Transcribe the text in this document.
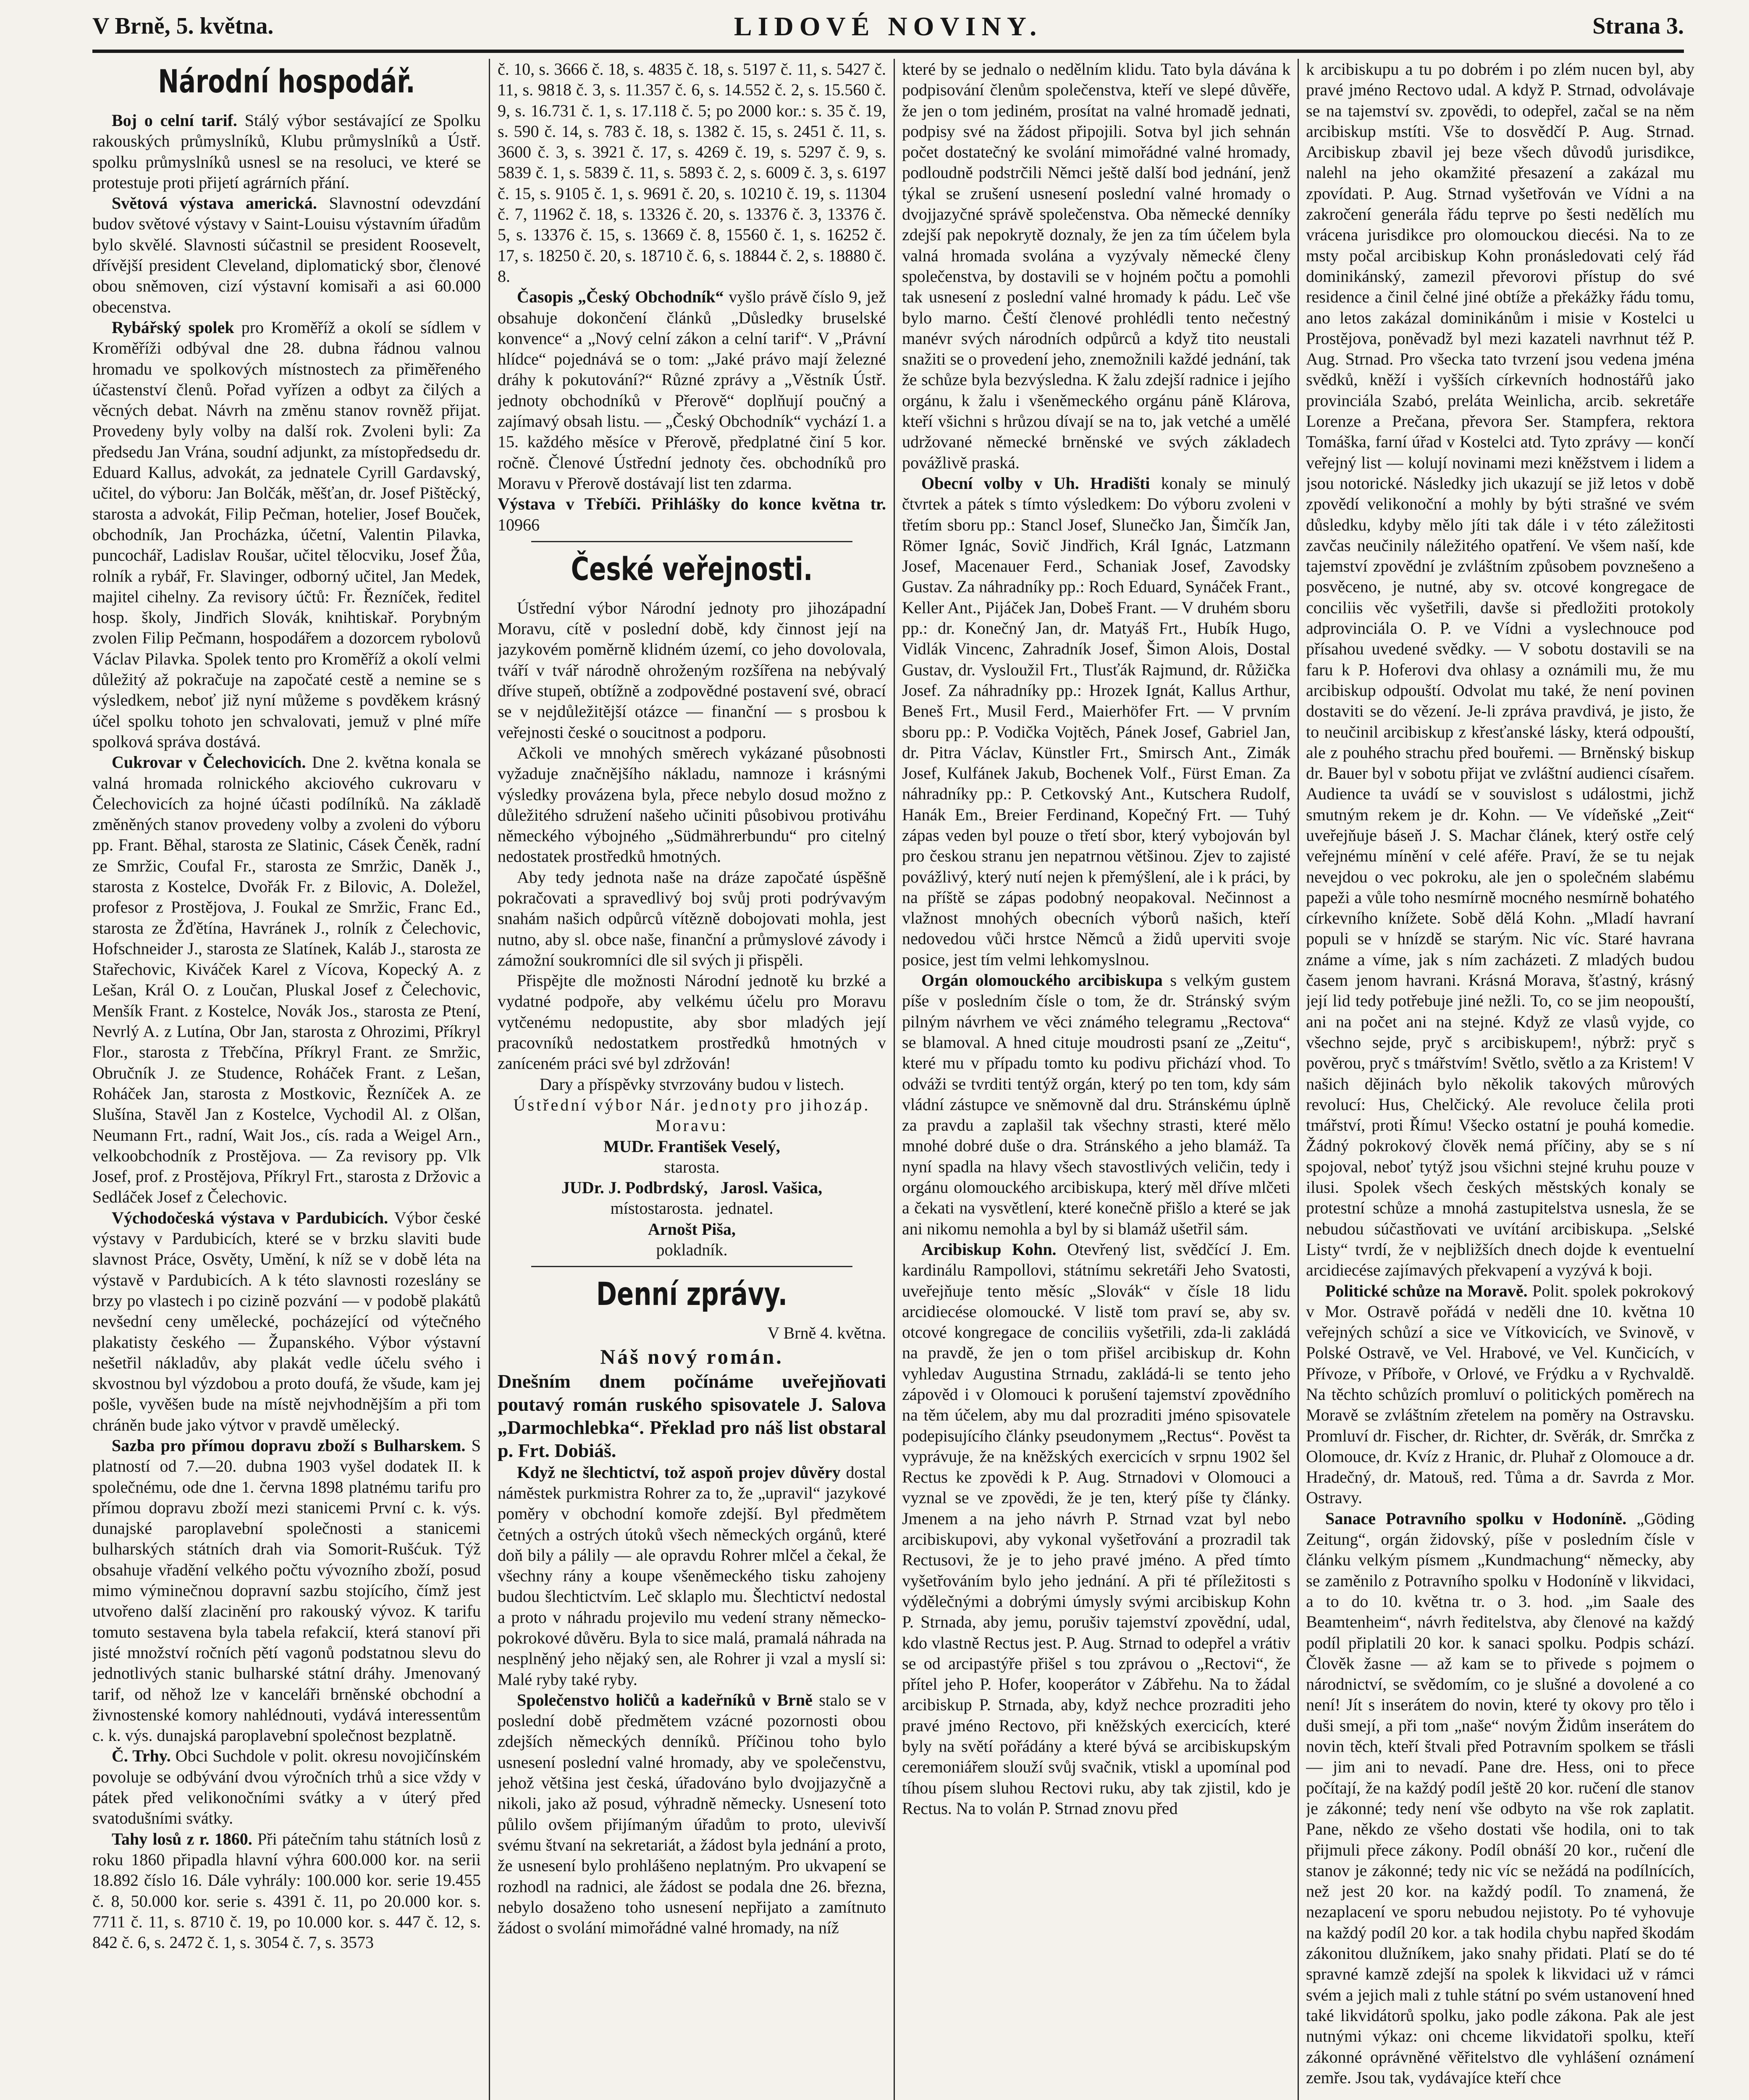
V Brně, 5. května.	LIDOVÉ NOVINY.	Strana 3.
Národní hospodář.

Boj o celní tarif. Stálý výbor sestávající ze Spolku rakouských průmyslníků, Klubu průmyslníků a Ústř. spolku průmyslníků usnesl se na resoluci, ve které se protestuje proti přijetí agrárních přání.

Světová výstava americká. Slavnostní odevzdání budov světové výstavy v Saint-Louisu výstavním úřadům bylo skvělé. Slavnosti súčastnil se president Roosevelt, dřívější president Cleveland, diplomatický sbor, členové obou sněmoven, cizí výstavní komisaři a asi 60.000 obecenstva.

Rybářský spolek pro Kroměříž a okolí se sídlem v Kroměříži odbýval dne 28. dubna řádnou valnou hromadu ve spolkových místnostech za přiměřeného účastenství členů. Pořad vyřízen a odbyt za čilých a věcných debat. Návrh na změnu stanov rovněž přijat. Provedeny byly volby na další rok. Zvoleni byli: Za předsedu Jan Vrána, soudní adjunkt, za místopředsedu dr. Eduard Kallus, advokát, za jednatele Cyrill Gardavský, učitel, do výboru: Jan Bolčák, měšťan, dr. Josef Pištěcký, starosta a advokát, Filip Pečman, hotelier, Josef Bouček, obchodník, Jan Procházka, účetní, Valentin Pilavka, puncochář, Ladislav Roušar, učitel tělocviku, Josef Žůa, rolník a rybář, Fr. Slavinger, odborný učitel, Jan Medek, majitel cihelny. Za revisory účtů: Fr. Řezníček, ředitel hosp. školy, Jindřich Slovák, knihtiskař. Porybným zvolen Filip Pečmann, hospodářem a dozorcem rybolovů Václav Pilavka. Spolek tento pro Kroměříž a okolí velmi důležitý až pokračuje na započaté cestě a nemine se s výsledkem, neboť již nyní můžeme s povděkem krásný účel spolku tohoto jen schvalovati, jemuž v plné míře spolková správa dostává.

Cukrovar v Čelechovicích. Dne 2. května konala se valná hromada rolnického akciového cukrovaru v Čelechovicích za hojné účasti podílníků. Na základě změněných stanov provedeny volby a zvoleni do výboru pp. Frant. Běhal, starosta ze Slatinic, Cásek Čeněk, radní ze Smržic, Coufal Fr., starosta ze Smržic, Daněk J., starosta z Kostelce, Dvořák Fr. z Bilovic, A. Doležel, profesor z Prostějova, J. Foukal ze Smržic, Franc Ed., starosta ze Žďětína, Havránek J., rolník z Čelechovic, Hofschneider J., starosta ze Slatínek, Kaláb J., starosta ze Stařechovic, Kiváček Karel z Vícova, Kopecký A. z Lešan, Král O. z Loučan, Pluskal Josef z Čelechovic, Menšík Frant. z Kostelce, Novák Jos., starosta ze Ptení, Nevrlý A. z Lutína, Obr Jan, starosta z Ohrozimi, Příkryl Flor., starosta z Třebčína, Příkryl Frant. ze Smržic, Obručník J. ze Studence, Roháček Frant. z Lešan, Roháček Jan, starosta z Mostkovic, Řezníček A. ze Slušína, Stavěl Jan z Kostelce, Vychodil Al. z Olšan, Neumann Frt., radní, Wait Jos., cís. rada a Weigel Arn., velkoobchodník z Prostějova. — Za revisory pp. Vlk Josef, prof. z Prostějova, Příkryl Frt., starosta z Držovic a Sedláček Josef z Čelechovic.

Východočeská výstava v Pardubicích. Výbor české výstavy v Pardubicích, které se v brzku slaviti bude slavnost Práce, Osvěty, Umění, k níž se v době léta na výstavě v Pardubicích. A k této slavnosti rozeslány se brzy po vlastech i po cizině pozvání — v podobě plakátů nevšední ceny umělecké, pocházející od výtečného plakatisty českého — Županského. Výbor výstavní nešetřil nákladův, aby plakát vedle účelu svého i skvostnou byl výzdobou a proto doufá, že všude, kam jej pošle, vyvěšen bude na místě nejvhodnějším a při tom chráněn bude jako výtvor v pravdě umělecký.

Sazba pro přímou dopravu zboží s Bulharskem. S platností od 7.—20. dubna 1903 vyšel dodatek II. k společnému, ode dne 1. června 1898 platnému tarifu pro přímou dopravu zboží mezi stanicemi První c. k. výs. dunajské paroplavební společnosti a stanicemi bulharských státních drah via Somorit-Rušćuk. Týž obsahuje vřadění velkého počtu vývozního zboží, posud mimo výminečnou dopravní sazbu stojícího, čímž jest utvořeno další zlacinění pro rakouský vývoz. K tarifu tomuto sestavena byla tabela refakcií, která stanoví při jisté množství ročních pětí vagonů podstatnou slevu do jednotlivých stanic bulharské státní dráhy. Jmenovaný tarif, od něhož lze v kanceláři brněnské obchodní a živnostenské komory nahlédnouti, vydává interessentům c. k. výs. dunajská paroplavební společnost bezplatně.

Č. Trhy. Obci Suchdole v polit. okresu novojičínském povoluje se odbývání dvou výročních trhů a sice vždy v pátek před velikonočními svátky a v úterý před svatodušními svátky.

Tahy losů z r. 1860. Při pátečním tahu státních losů z roku 1860 připadla hlavní výhra 600.000 kor. na serii 18.892 číslo 16. Dále vyhrály: 100.000 kor. serie 19.455 č. 8, 50.000 kor. serie s. 4391 č. 11, po 20.000 kor. s. 7711 č. 11, s. 8710 č. 19, po 10.000 kor. s. 447 č. 12, s. 842 č. 6, s. 2472 č. 1, s. 3054 č. 7, s. 3573

č. 10, s. 3666 č. 18, s. 4835 č. 18, s. 5197 č. 11, s. 5427 č. 11, s. 9818 č. 3, s. 11.357 č. 6, s. 14.552 č. 2, s. 15.560 č. 9, s. 16.731 č. 1, s. 17.118 č. 5; po 2000 kor.: s. 35 č. 19, s. 590 č. 14, s. 783 č. 18, s. 1382 č. 15, s. 2451 č. 11, s. 3600 č. 3, s. 3921 č. 17, s. 4269 č. 19, s. 5297 č. 9, s. 5839 č. 1, s. 5839 č. 11, s. 5893 č. 2, s. 6009 č. 3, s. 6197 č. 15, s. 9105 č. 1, s. 9691 č. 20, s. 10210 č. 19, s. 11304 č. 7, 11962 č. 18, s. 13326 č. 20, s. 13376 č. 3, 13376 č. 5, s. 13376 č. 15, s. 13669 č. 8, 15560 č. 1, s. 16252 č. 17, s. 18250 č. 20, s. 18710 č. 6, s. 18844 č. 2, s. 18880 č. 8.

Časopis „Český Obchodník“ vyšlo právě číslo 9, jež obsahuje dokončení článků „Důsledky bruselské konvence“ a „Nový celní zákon a celní tarif“. V „Právní hlídce“ pojednává se o tom: „Jaké právo mají železné dráhy k pokutování?“ Různé zprávy a „Věstník Ústř. jednoty obchodníků v Přerově“ doplňují poučný a zajímavý obsah listu. — „Český Obchodník“ vychází 1. a 15. každého měsíce v Přerově, předplatné činí 5 kor. ročně. Členové Ústřední jednoty čes. obchodníků pro Moravu v Přerově dostávají list ten zdarma.

Výstava v Třebíči. Přihlášky do konce května tr. 10966

České veřejnosti.

Ústřední výbor Národní jednoty pro jihozápadní Moravu, cítě v poslední době, kdy činnost její na jazykovém poměrně klidném území, co jeho dovolovala, tváří v tvář národně ohroženým rozšířena na nebývalý dříve stupeň, obtížně a zodpovědné postavení své, obrací se v nejdůležitější otázce — finanční — s prosbou k veřejnosti české o soucitnost a podporu.

Ačkoli ve mnohých směrech vykázané působnosti vyžaduje značnějšího nákladu, namnoze i krásnými výsledky provázena byla, přece nebylo dosud možno z důležitého sdružení našeho učiniti působivou protiváhu německého výbojného „Südmährerbundu“ pro citelný nedostatek prostředků hmotných.

Aby tedy jednota naše na dráze započaté úspěšně pokračovati a spravedlivý boj svůj proti podrývavým snahám našich odpůrců vítězně dobojovati mohla, jest nutno, aby sl. obce naše, finanční a průmyslové závody i zámožní soukromníci dle sil svých ji přispěli.

Přispějte dle možnosti Národní jednotě ku brzké a vydatné podpoře, aby velkému účelu pro Moravu vytčenému nedopustite, aby sbor mladých její pracovníků nedostatkem prostředků hmotných v zaníceném práci své byl zdržován!

Dary a příspěvky stvrzovány budou v listech.

Ústřední výbor Nár. jednoty pro jihozáp. Moravu:

MUDr. František Veselý,

starosta.

JUDr. J. Podbrdský,   Jarosl. Vašica,

místostarosta.   jednatel.

Arnošt Piša,

pokladník.

Denní zprávy.

V Brně 4. května.

Náš nový román.

Dnešním dnem počínáme uveřejňovati poutavý román ruského spisovatele J. Salova „Darmochlebka“. Překlad pro náš list obstaral p. Frt. Dobiáš.

Když ne šlechtictví, tož aspoň projev důvěry dostal náměstek purkmistra Rohrer za to, že „upravil“ jazykové poměry v obchodní komoře zdejší. Byl předmětem četných a ostrých útoků všech německých orgánů, které doň bily a pálily — ale opravdu Rohrer mlčel a čekal, že všechny rány a koupe všeněmeckého tisku zahojeny budou šlechtictvím. Leč sklaplo mu. Šlechtictví nedostal a proto v náhradu projevilo mu vedení strany německo-pokrokové důvěru. Byla to sice malá, pramalá náhrada na nesplněný jeho nějaký sen, ale Rohrer ji vzal a myslí si: Malé ryby také ryby.

Společenstvo holičů a kadeřníků v Brně stalo se v poslední době předmětem vzácné pozornosti obou zdejších německých denníků. Příčinou toho bylo usnesení poslední valné hromady, aby ve společenstvu, jehož většina jest česká, úřadováno bylo dvojjazyčně a nikoli, jako až posud, výhradně německy. Usnesení toto půlilo ovšem přijímaným úřadům to proto, ulevivší svému štvaní na sekretariát, a žádost byla jednání a proto, že usnesení bylo prohlášeno neplatným. Pro ukvapení se rozhodl na radnici, ale žádost se podala dne 26. března, nebylo dosaženo toho usnesení nepřijato a zamítnuto žádost o svolání mimořádné valné hromady, na níž

které by se jednalo o nedělním klidu. Tato byla dávána k podpisování členům společenstva, kteří ve slepé důvěře, že jen o tom jediném, prosítat na valné hromadě jednati, podpisy své na žádost připojili. Sotva byl jich sehnán počet dostatečný ke svolání mimořádné valné hromady, podloudně podstrčili Němci ještě další bod jednání, jenž týkal se zrušení usnesení poslední valné hromady o dvojjazyčné správě společenstva. Oba německé denníky zdejší pak nepokrytě doznaly, že jen za tím účelem byla valná hromada svolána a vyzývaly německé členy společenstva, by dostavili se v hojném počtu a pomohli tak usnesení z poslední valné hromady k pádu. Leč vše bylo marno. Čeští členové prohlédli tento nečestný manévr svých národních odpůrců a když tito neustali snažiti se o provedení jeho, znemožnili každé jednání, tak že schůze byla bezvýsledna. K žalu zdejší radnice i jejího orgánu, k žalu i všeněmeckého orgánu páně Klárova, kteří všichni s hrůzou dívají se na to, jak vetché a umělé udržované německé brněnské ve svých základech povážlivě praská.

Obecní volby v Uh. Hradišti konaly se minulý čtvrtek a pátek s tímto výsledkem: Do výboru zvoleni v třetím sboru pp.: Stancl Josef, Slunečko Jan, Šimčík Jan, Römer Ignác, Sovič Jindřich, Král Ignác, Latzmann Josef, Macenauer Ferd., Schaniak Josef, Zavodsky Gustav. Za náhradníky pp.: Roch Eduard, Synáček Frant., Keller Ant., Pijáček Jan, Dobeš Frant. — V druhém sboru pp.: dr. Konečný Jan, dr. Matyáš Frt., Hubík Hugo, Vidlák Vincenc, Zahradník Josef, Šimon Alois, Dostal Gustav, dr. Vysloužil Frt., Tlusťák Rajmund, dr. Růžička Josef. Za náhradníky pp.: Hrozek Ignát, Kallus Arthur, Beneš Frt., Musil Ferd., Maierhöfer Frt. — V prvním sboru pp.: P. Vodička Vojtěch, Pánek Josef, Gabriel Jan, dr. Pitra Václav, Künstler Frt., Smirsch Ant., Zimák Josef, Kulfánek Jakub, Bochenek Volf., Fürst Eman. Za náhradníky pp.: P. Cetkovský Ant., Kutschera Rudolf, Hanák Em., Breier Ferdinand, Kopečný Frt. — Tuhý zápas veden byl pouze o třetí sbor, který vybojován byl pro českou stranu jen nepatrnou většinou. Zjev to zajisté povážlivý, který nutí nejen k přemýšlení, ale i k práci, by na příště se zápas podobný neopakoval. Nečinnost a vlažnost mnohých obecních výborů našich, kteří nedovedou vůči hrstce Němců a židů uperviti svoje posice, jest tím velmi lehkomyslnou.

Orgán olomouckého arcibiskupa s velkým gustem píše v posledním čísle o tom, že dr. Stránský svým pilným návrhem ve věci známého telegramu „Rectova“ se blamoval. A hned cituje moudrosti psaní ze „Zeitu“, které mu v případu tomto ku podivu přichází vhod. To odváži se tvrditi tentýž orgán, který po ten tom, kdy sám vládní zástupce ve sněmovně dal dru. Stránskému úplně za pravdu a zaplašil tak všechny strasti, které mělo mnohé dobré duše o dra. Stránského a jeho blamáž. Ta nyní spadla na hlavy všech stavostlivých veličin, tedy i orgánu olomouckého arcibiskupa, který měl dříve mlčeti a čekati na vysvětlení, které konečně přišlo a které se jak ani nikomu nemohla a byl by si blamáž ušetřil sám.

Arcibiskup Kohn. Otevřený list, svědčící J. Em. kardinálu Rampollovi, státnímu sekretáři Jeho Svatosti, uveřejňuje tento měsíc „Slovák“ v čísle 18 lidu arcidiecése olomoucké. V listě tom praví se, aby sv. otcové kongregace de conciliis vyšetřili, zda-li zakládá na pravdě, že jen o tom přišel arcibiskup dr. Kohn vyhledav Augustina Strnadu, zakládá-li se tento jeho zápověd i v Olomouci k porušení tajemství zpovědního na těm účelem, aby mu dal prozraditi jméno spisovatele podepisujícího články pseudonymem „Rectus“. Pověst ta vyprávuje, že na kněžských exercicích v srpnu 1902 šel Rectus ke zpovědi k P. Aug. Strnadovi v Olomouci a vyznal se ve zpovědi, že je ten, který píše ty články. Jmenem a na jeho návrh P. Strnad vzat byl nebo arcibiskupovi, aby vykonal vyšetřování a prozradil tak Rectusovi, že je to jeho pravé jméno. A před tímto vyšetřováním bylo jeho jednání. A při té příležitosti s výdělečnými a dobrými úmysly svými arcibiskup Kohn P. Strnada, aby jemu, porušiv tajemství zpovědní, udal, kdo vlastně Rectus jest. P. Aug. Strnad to odepřel a vrátiv se od arcipastýře přišel s tou zprávou o „Rectovi“, že přítel jeho P. Hofer, kooperátor v Zábřehu. Na to žádal arcibiskup P. Strnada, aby, když nechce prozraditi jeho pravé jméno Rectovo, při kněžských exercicích, které byly na světí pořádány a které bývá se arcibiskupským ceremoniářem slouží svůj svačnik, vtiskl a upomínal pod tíhou písem sluhou Rectovi ruku, aby tak zjistil, kdo je Rectus. Na to volán P. Strnad znovu před

k arcibiskupu a tu po dobrém i po zlém nucen byl, aby pravé jméno Rectovo udal. A když P. Strnad, odvolávaje se na tajemství sv. zpovědi, to odepřel, začal se na něm arcibiskup mstíti. Vše to dosvědčí P. Aug. Strnad. Arcibiskup zbavil jej beze všech důvodů jurisdikce, nalehl na jeho okamžité přesazení a zakázal mu zpovídati. P. Aug. Strnad vyšetřován ve Vídni a na zakročení generála řádu teprve po šesti nedělích mu vrácena jurisdikce pro olomouckou diecési. Na to ze msty počal arcibiskup Kohn pronásledovati celý řád dominikánský, zamezil převorovi přístup do své residence a činil čelné jiné obtíže a překážky řádu tomu, ano letos zakázal dominikánům i misie v Kostelci u Prostějova, poněvadž byl mezi kazateli navrhnut též P. Aug. Strnad. Pro všecka tato tvrzení jsou vedena jména svědků, kněží i vyšších církevních hodnostářů jako provinciála Szabó, preláta Weinlicha, arcib. sekretáře Lorenze a Prečana, převora Ser. Stampfera, rektora Tomáška, farní úřad v Kostelci atd. Tyto zprávy — končí veřejný list — kolují novinami mezi kněžstvem i lidem a jsou notorické. Následky jich ukazují se již letos v době zpovědí velikonoční a mohly by býti strašné ve svém důsledku, kdyby mělo jíti tak dále i v této záležitosti zavčas neučinily náležitého opatření. Ve všem naší, kde tajemství zpovědní je zvláštním způsobem povznešeno a posvěceno, je nutné, aby sv. otcové kongregace de conciliis věc vyšetřili, davše si předložiti protokoly adprovinciála O. P. ve Vídni a vyslechnouce pod přísahou uvedené svědky. — V sobotu dostavili se na faru k P. Hoferovi dva ohlasy a oznámili mu, že mu arcibiskup odpouští. Odvolat mu také, že není povinen dostaviti se do vězení. Je-li zpráva pravdivá, je jisto, že to neučinil arcibiskup z křesťanské lásky, která odpouští, ale z pouhého strachu před bouřemi. — Brněnský biskup dr. Bauer byl v sobotu přijat ve zvláštní audienci císařem. Audience ta uvádí se v souvislost s událostmi, jichž smutným rekem je dr. Kohn. — Ve vídeňské „Zeit“ uveřejňuje báseň J. S. Machar článek, který ostře celý veřejnému mínění v celé aféře. Praví, že se tu nejak nevejdou o vec pokroku, ale jen o společném slabému papeži a vůle toho nesmírně mocného nesmírně bohatého církevního knížete. Sobě dělá Kohn. „Mladí havraní populi se v hnízdě se starým. Nic víc. Staré havrana známe a víme, jak s ním zacházeti. Z mladých budou časem jenom havrani. Krásná Morava, šťastný, krásný její lid tedy potřebuje jiné nežli. To, co se jim neopouští, ani na počet ani na stejné. Když ze vlasů vyjde, co všechno sejde, pryč s arcibiskupem!, nýbrž: pryč s pověrou, pryč s tmářstvím! Světlo, světlo a za Kristem! V našich dějinách bylo několik takových můrových revolucí: Hus, Chelčický. Ale revoluce čelila proti tmářství, proti Římu! Všecko ostatní je pouhá komedie. Žádný pokrokový člověk nemá příčiny, aby se s ní spojoval, neboť tytýž jsou všichni stejné kruhu pouze v ilusi. Spolek všech českých městských konaly se protestní schůze a mnohá zastupitelstva usnesla, že se nebudou súčastňovati ve uvítání arcibiskupa. „Selské Listy“ tvrdí, že v nejbližších dnech dojde k eventuelní arcidiecése zajímavých překvapení a vyzývá k boji.

Politické schůze na Moravě. Polit. spolek pokrokový v Mor. Ostravě pořádá v neděli dne 10. května 10 veřejných schůzí a sice ve Vítkovicích, ve Svinově, v Polské Ostravě, ve Vel. Hrabové, ve Vel. Kunčicích, v Přívoze, v Příboře, v Orlové, ve Frýdku a v Rychvaldě. Na těchto schůzích promluví o politických poměrech na Moravě se zvláštním zřetelem na poměry na Ostravsku. Promluví dr. Fischer, dr. Richter, dr. Svěrák, dr. Smrčka z Olomouce, dr. Kvíz z Hranic, dr. Pluhař z Olomouce a dr. Hradečný, dr. Matouš, red. Tůma a dr. Savrda z Mor. Ostravy.

Sanace Potravního spolku v Hodoníně. „Göding Zeitung“, orgán židovský, píše v posledním čísle v článku velkým písmem „Kundmachung“ německy, aby se zaměnilo z Potravního spolku v Hodoníně v likvidaci, a to do 10. května tr. o 3. hod. „im Saale des Beamtenheim“, návrh ředitelstva, aby členové na každý podíl připlatili 20 kor. k sanaci spolku. Podpis schází. Člověk žasne — až kam se to přivede s pojmem o národnictví, se svědomím, co je slušné a dovolené a co není! Jít s inserátem do novin, které ty okovy pro tělo i duši smejí, a při tom „naše“ novým Židům inserátem do novin těch, kteří štvali před Potravním spolkem se třásli — jim ani to nevadí. Pane dre. Hess, oni to přece počítají, že na každý podíl ještě 20 kor. ručení dle stanov je zákonné; tedy není vše odbyto na vše rok zaplatit. Pane, někdo ze všeho dostati vše hodila, oni to tak přijmuli přece zákony. Podíl obnáší 20 kor., ručení dle stanov je zákonné; tedy nic víc se nežádá na podílnících, než jest 20 kor. na každý podíl. To znamená, že nezaplacení ve sporu nebudou nejistoty. Po té vyhovuje na každý podíl 20 kor. a tak hodila chybu napřed škodám zákonitou dlužníkem, jako snahy přidati. Platí se do té spravné kamzě zdejší na spolek k likvidaci už v rámci svém a jejich mali z tuhle státní po svém ustanovení hned také likvidátorů spolku, jako podle zákona. Pak ale jest nutnými výkaz: oni chceme likvidatoři spolku, kteří zákonné oprávněné věřitelstvo dle vyhlášení oznámení zemře. Jsou tak, vydávajíce kteří chce
